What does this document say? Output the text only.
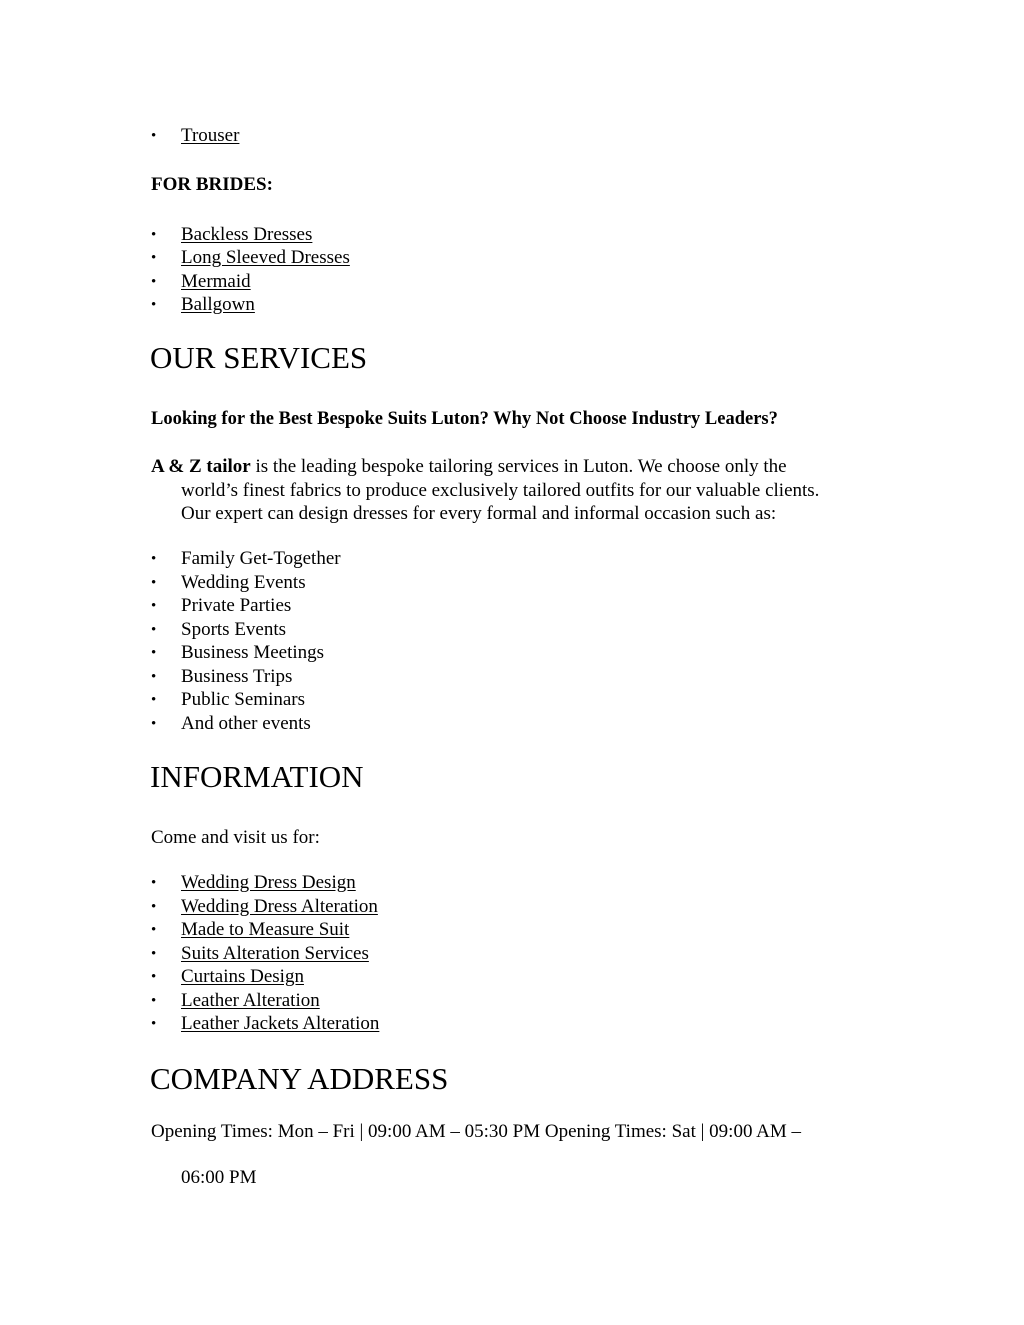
• Trouser
FOR BRIDES:
• Backless Dresses
• Long Sleeved Dresses
• Mermaid
• Ballgown
OUR SERVICES
Looking for the Best Bespoke Suits Luton? Why Not Choose Industry Leaders?
A & Z tailor is the leading bespoke tailoring services in Luton. We choose only the
world’s finest fabrics to produce exclusively tailored outfits for our valuable clients.
Our expert can design dresses for every formal and informal occasion such as:
• Family Get-Together
• Wedding Events
• Private Parties
• Sports Events
• Business Meetings
• Business Trips
• Public Seminars
• And other events
INFORMATION
Come and visit us for:
• Wedding Dress Design
• Wedding Dress Alteration
• Made to Measure Suit
• Suits Alteration Services
• Curtains Design
• Leather Alteration
• Leather Jackets Alteration
COMPANY ADDRESS
Opening Times: Mon – Fri | 09:00 AM – 05:30 PM Opening Times: Sat | 09:00 AM –
06:00 PM
